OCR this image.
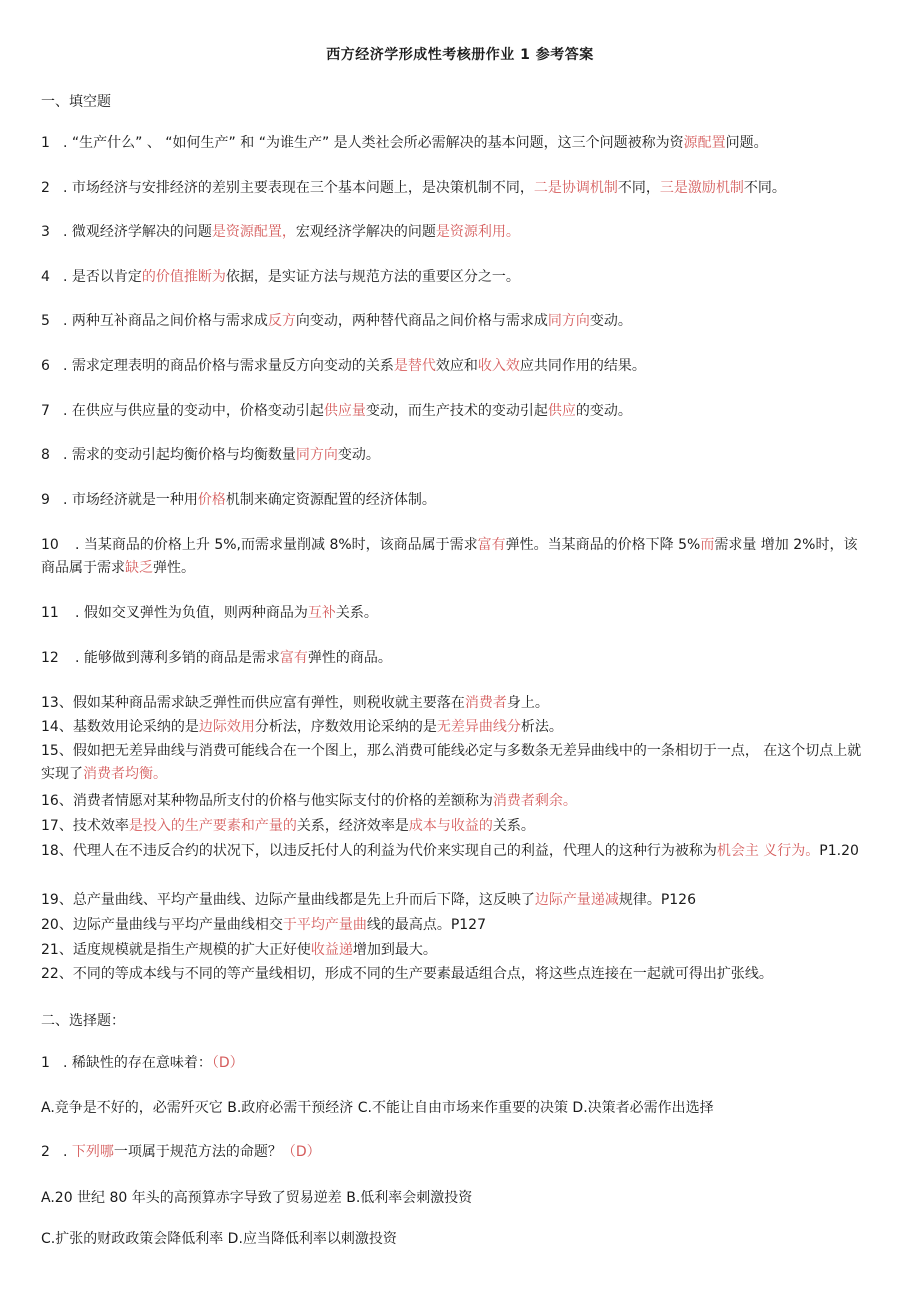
西方经济学形成性考核册作业 1 参考答案
一、填空题
1 . “生产什么” 、 “如何生产” 和 “为谁生产” 是人类社会所必需解决的基本问题，这三个问题被称为资源配置问题。
2 . 市场经济与安排经济的差别主要表现在三个基本问题上，是决策机制不同，二是协调机制不同，三是激励机制不同。
3 . 微观经济学解决的问题是资源配置，宏观经济学解决的问题是资源利用。
4 . 是否以肯定的价值推断为依据，是实证方法与规范方法的重要区分之一。
5 . 两种互补商品之间价格与需求成反方向变动，两种替代商品之间价格与需求成同方向变动。
6 . 需求定理表明的商品价格与需求量反方向变动的关系是替代效应和收入效应共同作用的结果。
7 . 在供应与供应量的变动中，价格变动引起供应量变动，而生产技术的变动引起供应的变动。
8 . 需求的变动引起均衡价格与均衡数量同方向变动。
9 . 市场经济就是一种用价格机制来确定资源配置的经济体制。
10 . 当某商品的价格上升 5%,而需求量削减 8%时，该商品属于需求富有弹性。当某商品的价格下降 5%而需求量 增加 2%时，该商品属于需求缺乏弹性。
11 . 假如交叉弹性为负值，则两种商品为互补关系。
12 . 能够做到薄利多销的商品是需求富有弹性的商品。
13、假如某种商品需求缺乏弹性而供应富有弹性，则税收就主要落在消费者身上。
14、基数效用论采纳的是边际效用分析法，序数效用论采纳的是无差异曲线分析法。
15、假如把无差异曲线与消费可能线合在一个图上，那么消费可能线必定与多数条无差异曲线中的一条相切于一点， 在这个切点上就实现了消费者均衡。
16、消费者情愿对某种物品所支付的价格与他实际支付的价格的差额称为消费者剩余。
17、技术效率是投入的生产要素和产量的关系，经济效率是成本与收益的关系。
18、代理人在不违反合约的状况下，以违反托付人的利益为代价来实现自己的利益，代理人的这种行为被称为机会主 义行为。P1.20
19、总产量曲线、平均产量曲线、边际产量曲线都是先上升而后下降，这反映了边际产量递减规律。P126
20、边际产量曲线与平均产量曲线相交于平均产量曲线的最高点。P127
21、适度规模就是指生产规模的扩大正好使收益递增加到最大。
22、不同的等成本线与不同的等产量线相切，形成不同的生产要素最适组合点，将这些点连接在一起就可得出扩张线。
二、选择题：
1 . 稀缺性的存在意味着：（D）
A.竞争是不好的，必需歼灭它 B.政府必需干预经济 C.不能让自由市场来作重要的决策 D.决策者必需作出选择
2 . 下列哪一项属于规范方法的命题？（D）
A.20 世纪 80 年头的高预算赤字导致了贸易逆差 B.低利率会刺激投资
C.扩张的财政政策会降低利率 D.应当降低利率以刺激投资
